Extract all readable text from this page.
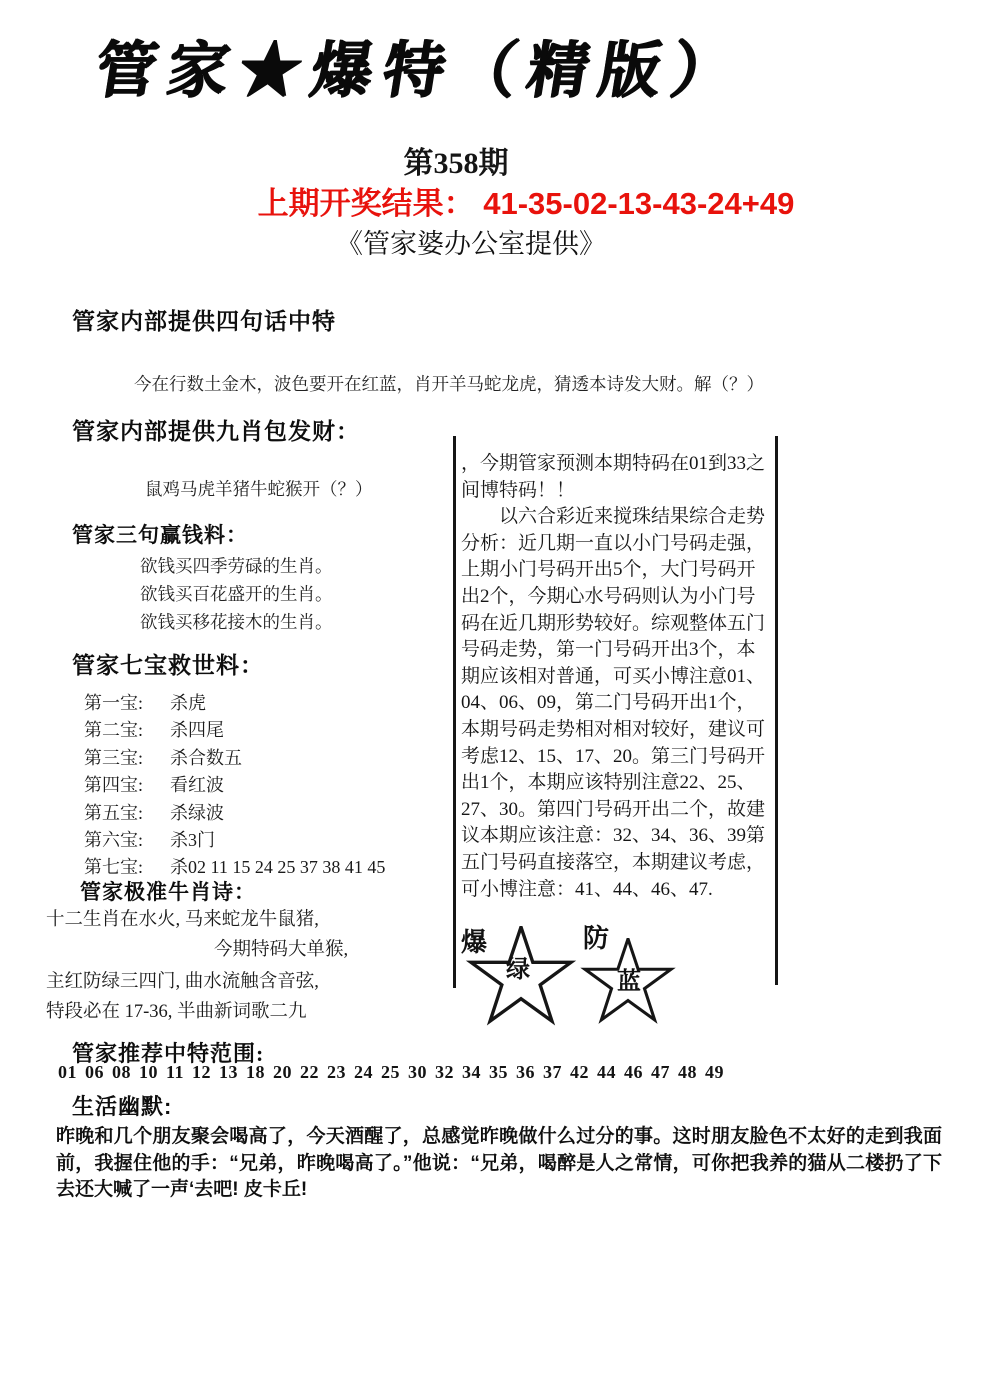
管家★爆特（精版）
第358期
上期开奖结果： 41-35-02-13-43-24+49
《管家婆办公室提供》
管家内部提供四句话中特
今在行数土金木，波色要开在红蓝，肖开羊马蛇龙虎，猜透本诗发大财。解（？）
管家内部提供九肖包发财：
鼠鸡马虎羊猪牛蛇猴开（？）
管家三句赢钱料：
欲钱买四季劳碌的生肖。
欲钱买百花盛开的生肖。
欲钱买移花接木的生肖。
管家七宝救世料：
第一宝: 杀虎
第二宝: 杀四尾
第三宝: 杀合数五
第四宝: 看红波
第五宝: 杀绿波
第六宝: 杀3门
第七宝: 杀02 11 15 24 25 37 38 41 45
管家极准牛肖诗：
十二生肖在水火, 马来蛇龙牛鼠猪,
今期特码大单猴,
主红防绿三四门, 曲水流触含音弦,
特段必在 17-36, 半曲新词歌二九
，今期管家预测本期特码在01到33之
间博特码！！
　　以六合彩近来搅珠结果综合走势
分析：近几期一直以小门号码走强，
上期小门号码开出5个，大门号码开
出2个，今期心水号码则认为小门号
码在近几期形势较好。综观整体五门
号码走势，第一门号码开出3个，本
期应该相对普通，可买小博注意01、
04、06、09，第二门号码开出1个，
本期号码走势相对相对较好，建议可
考虑12、15、17、20。第三门号码开
出1个，本期应该特别注意22、25、
27、30。第四门号码开出二个，故建
议本期应该注意：32、34、36、39第
五门号码直接落空，本期建议考虑，
可小博注意：41、44、46、47.
爆
绿
防
蓝
管家推荐中特范围:
01 06 08 10 11 12 13 18 20 22 23 24 25 30 32 34 35 36 37 42 44 46 47 48 49
生活幽默:
昨晚和几个朋友聚会喝高了，今天酒醒了，总感觉昨晚做什么过分的事。这时朋友脸色不太好的走到我面前，我握住他的手：“兄弟，昨晚喝高了。”他说：“兄弟，喝醉是人之常情，可你把我养的猫从二楼扔了下去还大喊了一声‘去吧! 皮卡丘!
